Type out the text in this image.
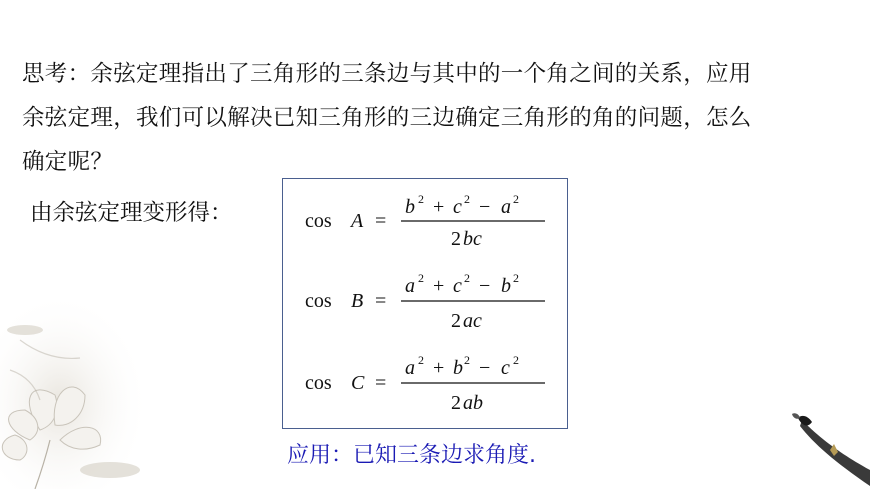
思考：余弦定理指出了三角形的三条边与其中的一个角之间的关系，应用
余弦定理，我们可以解决已知三角形的三边确定三角形的角的问题，怎么
确定呢？
由余弦定理变形得：	cos A =
b 2 + c 2 − a 2
2 bc
cos B =
a 2 + c 2 − b 2
2 ac
cos C =
a 2 + b 2 − c 2
2 ab
应用：已知三条边求角度.
